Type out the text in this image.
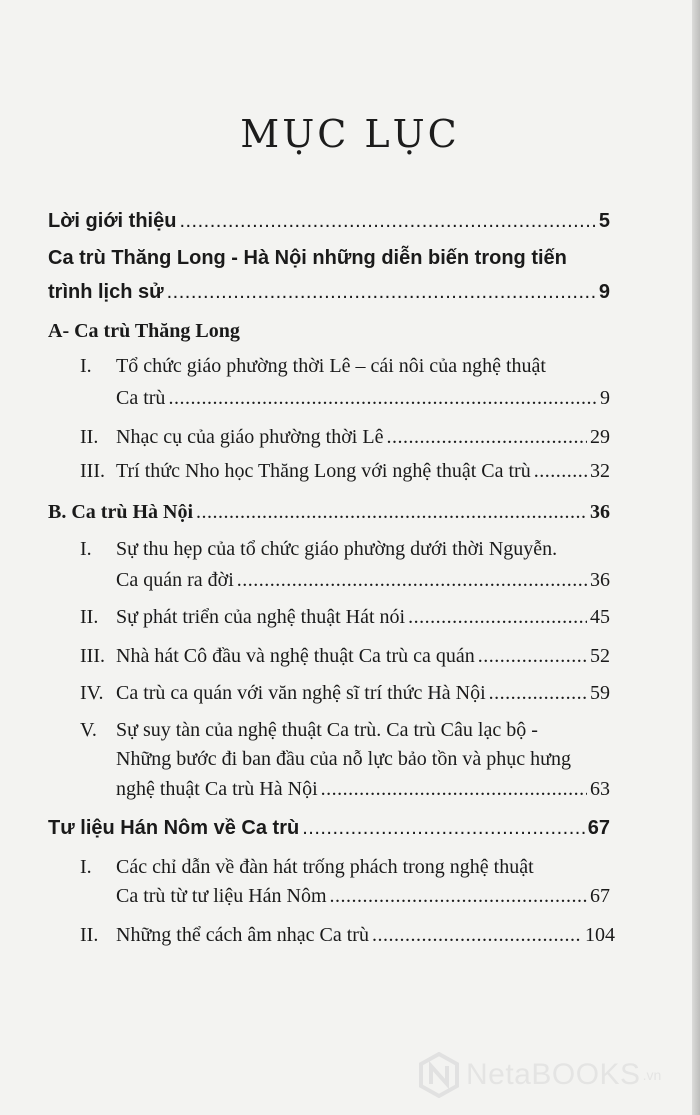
MỤC LỤC
Lời giới thiệu .....	5
Ca trù Thăng Long - Hà Nội những diễn biến trong tiến
trình lịch sử .....	9
A- Ca trù Thăng Long
I. Tổ chức giáo phường thời Lê – cái nôi của nghệ thuật
Ca trù .....	9
II. Nhạc cụ của giáo phường thời Lê .....	29
III. Trí thức Nho học Thăng Long với nghệ thuật Ca trù .....	32
B. Ca trù Hà Nội .....	36
I. Sự thu hẹp của tổ chức giáo phường dưới thời Nguyễn.
Ca quán ra đời .....	36
II. Sự phát triển của nghệ thuật Hát nói .....	45
III. Nhà hát Cô đầu và nghệ thuật Ca trù ca quán .....	52
IV. Ca trù ca quán với văn nghệ sĩ trí thức Hà Nội .....	59
V. Sự suy tàn của nghệ thuật Ca trù. Ca trù Câu lạc bộ -
Những bước đi ban đầu của nỗ lực bảo tồn và phục hưng
nghệ thuật Ca trù Hà Nội .....	63
Tư liệu Hán Nôm về Ca trù .....	67
I. Các chỉ dẫn về đàn hát trống phách trong nghệ thuật
Ca trù từ tư liệu Hán Nôm .....	67
II. Những thể cách âm nhạc Ca trù .....	104
NetaBOOKS .vn
